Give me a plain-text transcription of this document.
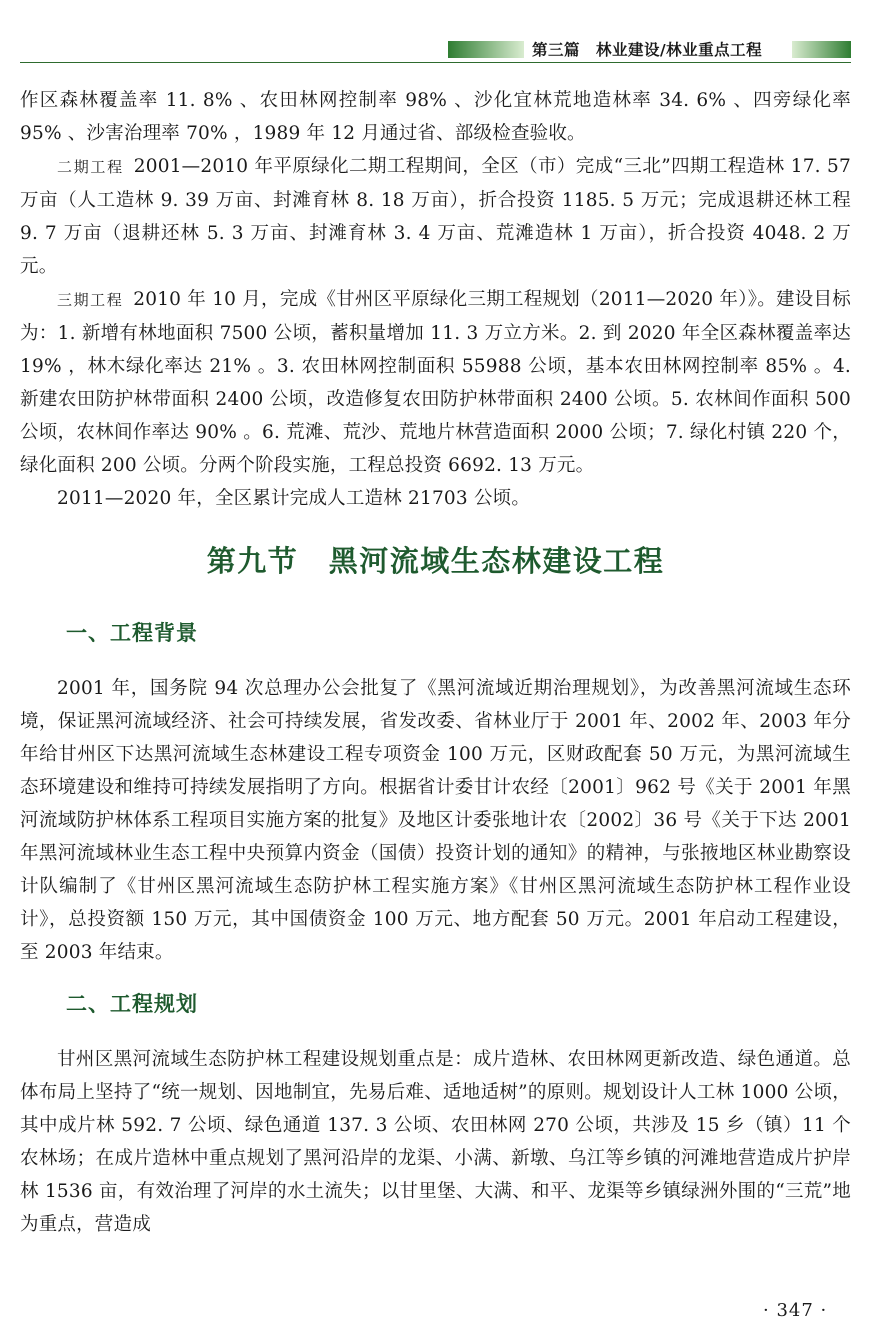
第三篇　林业建设/林业重点工程

作区森林覆盖率 11. 8% 、农田林网控制率 98% 、沙化宜林荒地造林率 34. 6% 、四旁绿化率 95% 、沙害治理率 70% ，1989 年 12 月通过省、部级检查验收。

二期工程 2001—2010 年平原绿化二期工程期间，全区（市）完成“三北”四期工程造林 17. 57 万亩（人工造林 9. 39 万亩、封滩育林 8. 18 万亩），折合投资 1185. 5 万元；完成退耕还林工程 9. 7 万亩（退耕还林 5. 3 万亩、封滩育林 3. 4 万亩、荒滩造林 1 万亩），折合投资 4048. 2 万元。

三期工程 2010 年 10 月，完成《甘州区平原绿化三期工程规划（2011—2020 年）》。建设目标为：1. 新增有林地面积 7500 公顷，蓄积量增加 11. 3 万立方米。2. 到 2020 年全区森林覆盖率达 19% ，林木绿化率达 21% 。3. 农田林网控制面积 55988 公顷，基本农田林网控制率 85% 。4. 新建农田防护林带面积 2400 公顷，改造修复农田防护林带面积 2400 公顷。5. 农林间作面积 500 公顷，农林间作率达 90% 。6. 荒滩、荒沙、荒地片林营造面积 2000 公顷；7. 绿化村镇 220 个，绿化面积 200 公顷。分两个阶段实施，工程总投资 6692. 13 万元。

2011—2020 年，全区累计完成人工造林 21703 公顷。

第九节　黑河流域生态林建设工程
一、工程背景

2001 年，国务院 94 次总理办公会批复了《黑河流域近期治理规划》，为改善黑河流域生态环境，保证黑河流域经济、社会可持续发展，省发改委、省林业厅于 2001 年、2002 年、2003 年分年给甘州区下达黑河流域生态林建设工程专项资金 100 万元，区财政配套 50 万元，为黑河流域生态环境建设和维持可持续发展指明了方向。根据省计委甘计农经〔2001〕962 号《关于 2001 年黑河流域防护林体系工程项目实施方案的批复》及地区计委张地计农〔2002〕36 号《关于下达 2001 年黑河流域林业生态工程中央预算内资金（国债）投资计划的通知》的精神，与张掖地区林业勘察设计队编制了《甘州区黑河流域生态防护林工程实施方案》《甘州区黑河流域生态防护林工程作业设计》，总投资额 150 万元，其中国债资金 100 万元、地方配套 50 万元。2001 年启动工程建设，至 2003 年结束。

二、工程规划

甘州区黑河流域生态防护林工程建设规划重点是：成片造林、农田林网更新改造、绿色通道。总体布局上坚持了“统一规划、因地制宜，先易后难、适地适树”的原则。规划设计人工林 1000 公顷，其中成片林 592. 7 公顷、绿色通道 137. 3 公顷、农田林网 270 公顷，共涉及 15 乡（镇）11 个农林场；在成片造林中重点规划了黑河沿岸的龙渠、小满、新墩、乌江等乡镇的河滩地营造成片护岸林 1536 亩，有效治理了河岸的水土流失；以甘里堡、大满、和平、龙渠等乡镇绿洲外围的“三荒”地为重点，营造成

· 347 ·
